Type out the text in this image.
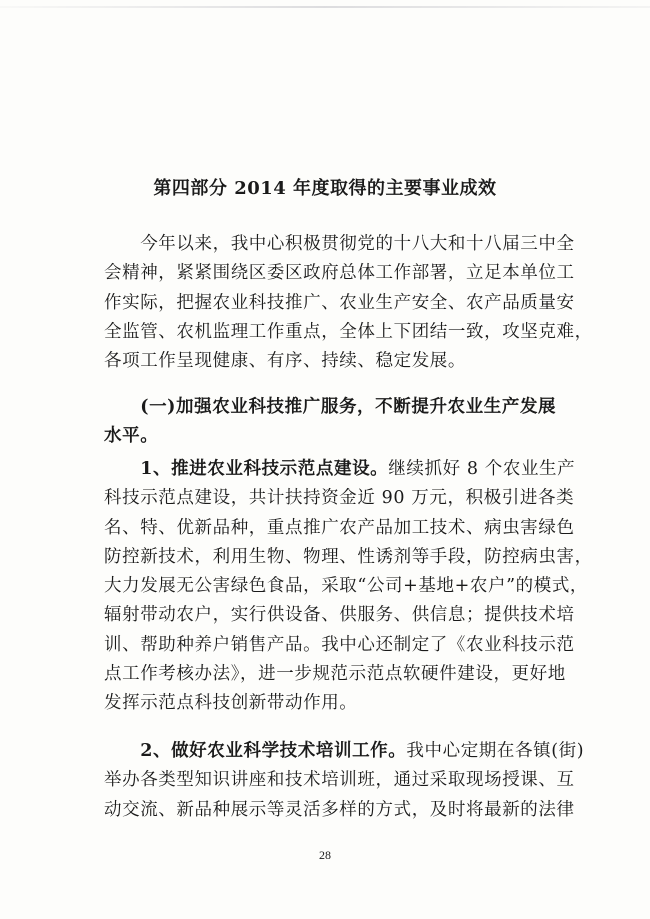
第四部分 2014 年度取得的主要事业成效
　　今年以来，我中心积极贯彻党的十八大和十八届三中全
会精神，紧紧围绕区委区政府总体工作部署，立足本单位工
作实际，把握农业科技推广、农业生产安全、农产品质量安
全监管、农机监理工作重点，全体上下团结一致，攻坚克难，
各项工作呈现健康、有序、持续、稳定发展。
　　(一)加强农业科技推广服务，不断提升农业生产发展
水平。
　　1、推进农业科技示范点建设。继续抓好 8 个农业生产
科技示范点建设，共计扶持资金近 90 万元，积极引进各类
名、特、优新品种，重点推广农产品加工技术、病虫害绿色
防控新技术，利用生物、物理、性诱剂等手段，防控病虫害，
大力发展无公害绿色食品，采取“公司+基地+农户”的模式，
辐射带动农户，实行供设备、供服务、供信息；提供技术培
训、帮助种养户销售产品。我中心还制定了《农业科技示范
点工作考核办法》，进一步规范示范点软硬件建设，更好地
发挥示范点科技创新带动作用。
　　2、做好农业科学技术培训工作。我中心定期在各镇(街)
举办各类型知识讲座和技术培训班，通过采取现场授课、互
动交流、新品种展示等灵活多样的方式，及时将最新的法律
28
